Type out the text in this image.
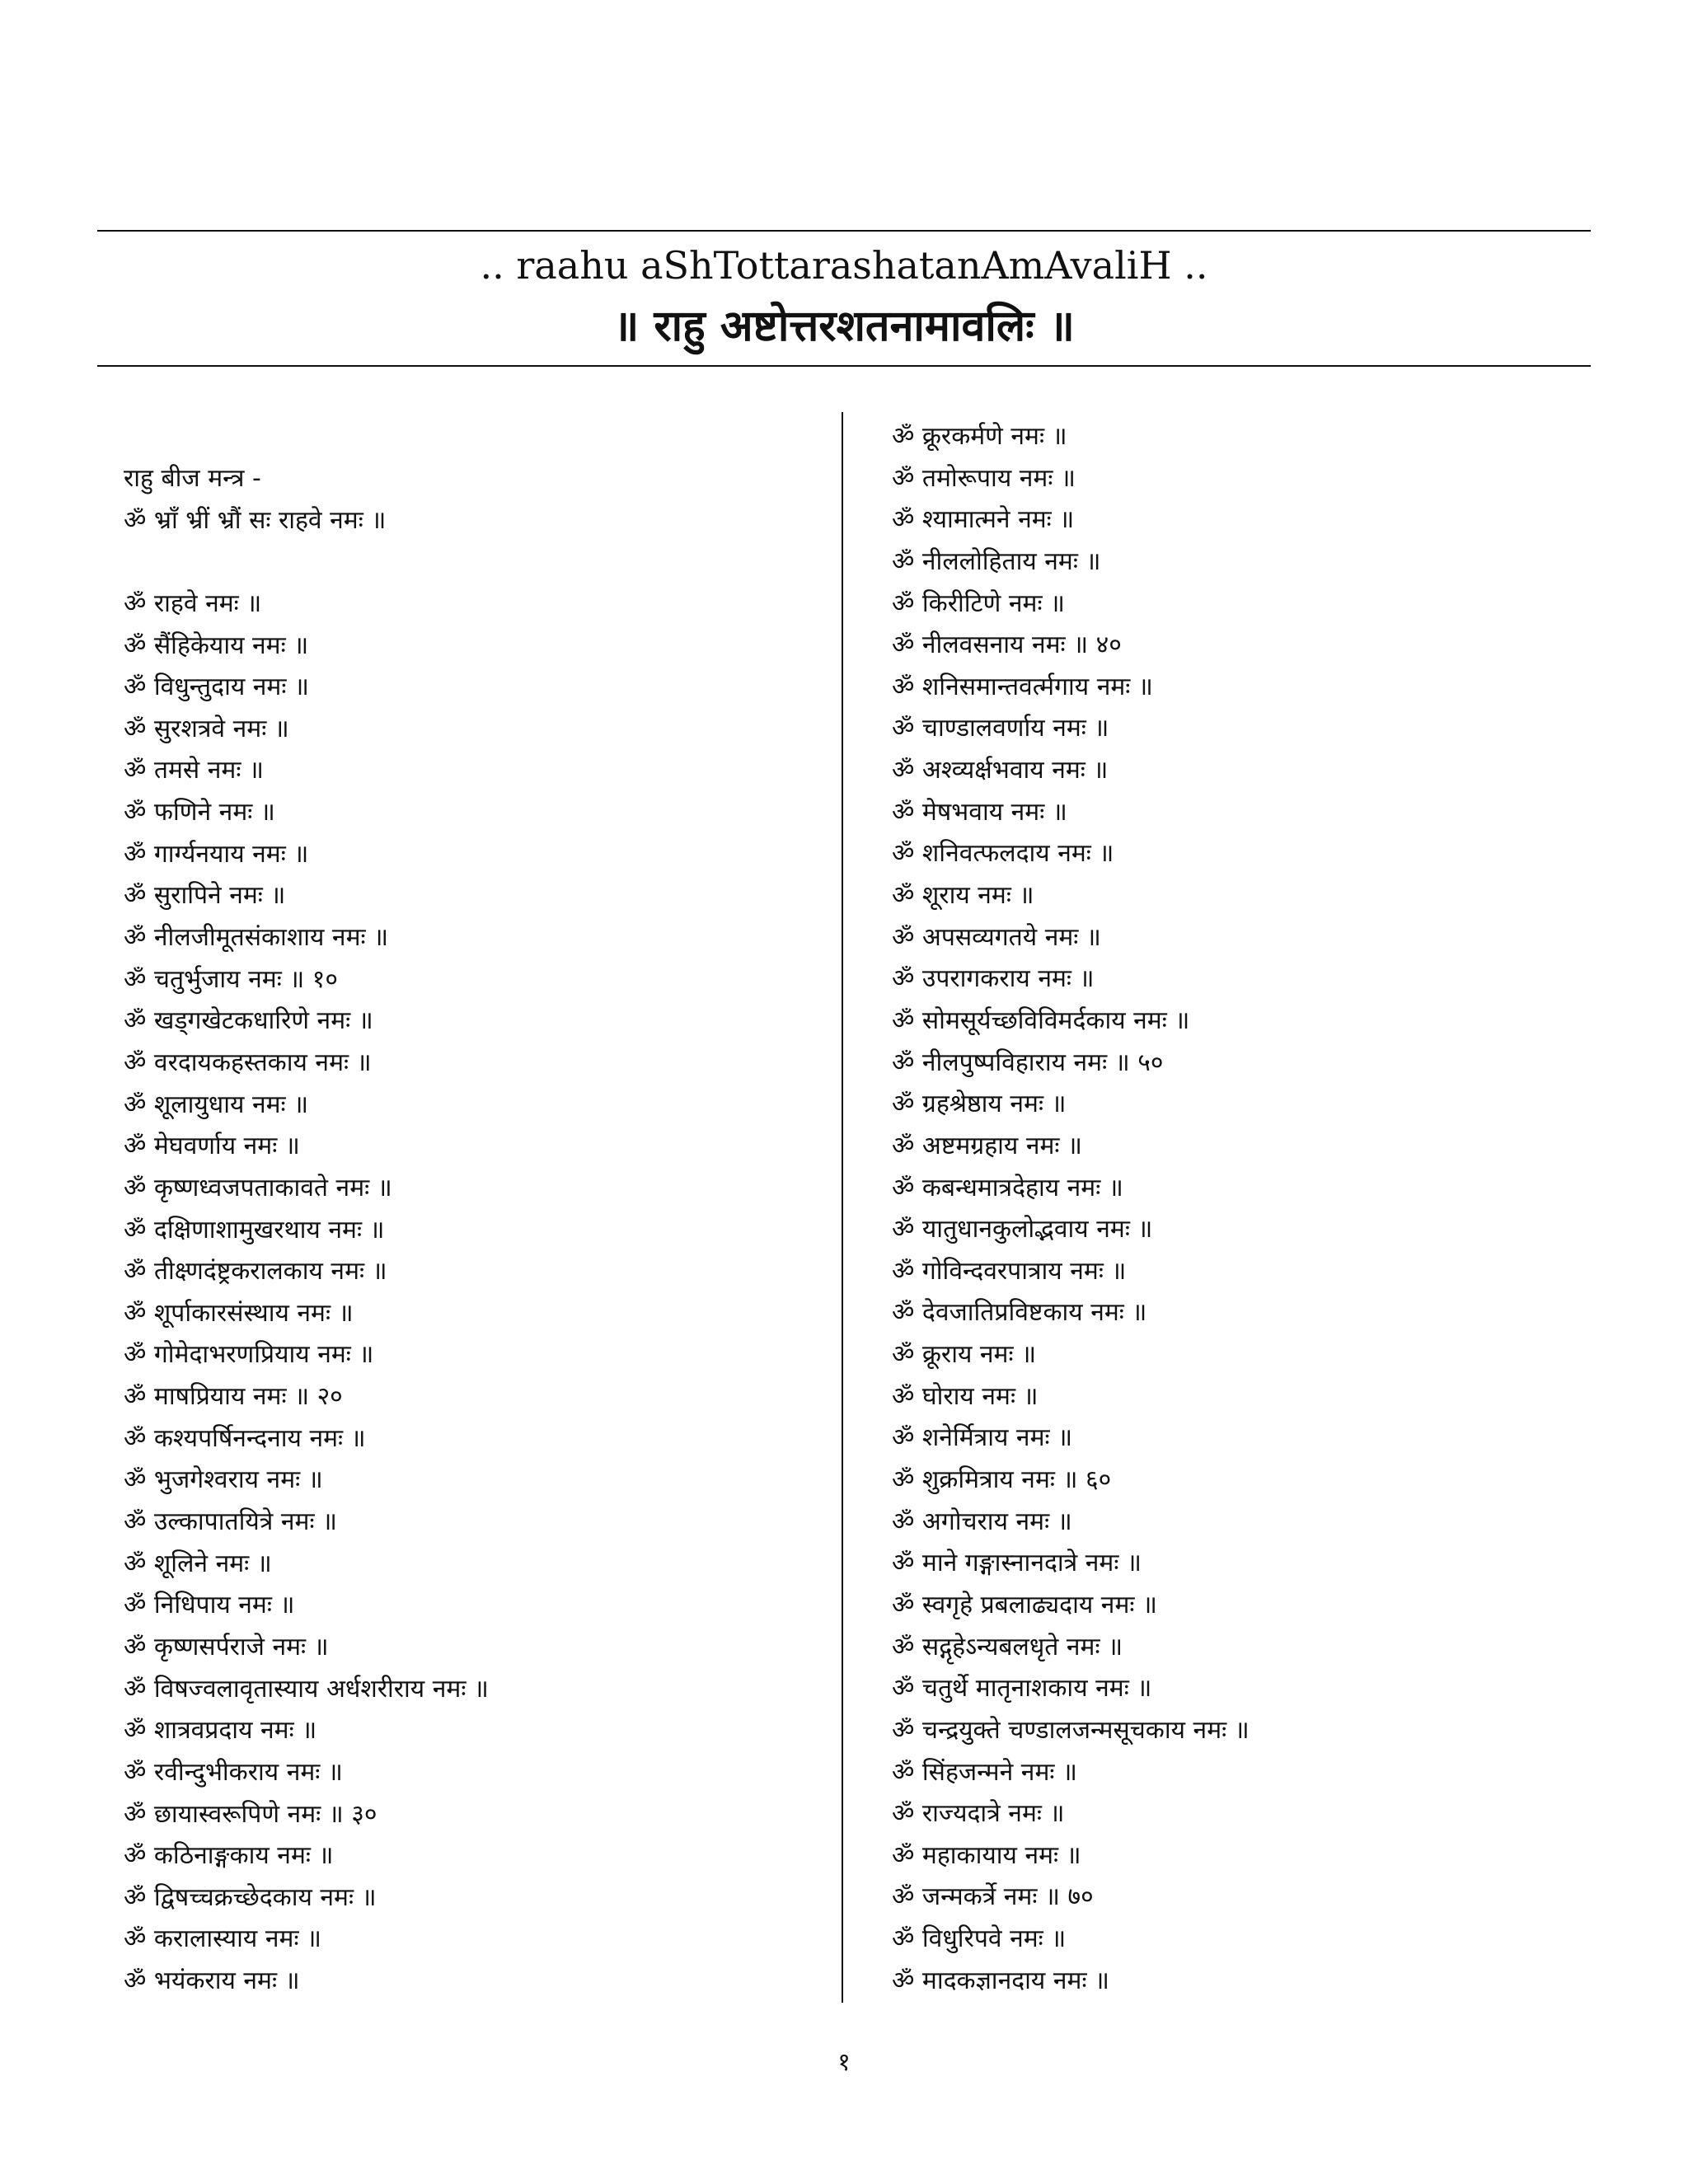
.. raahu aShTottarashatanAmAvaliH ..
॥ राहु अष्टोत्तरशतनामावलिः ॥
राहु बीज मन्त्र -
ॐ भ्राँ भ्रीं भ्रौं सः राहवे नमः ॥
ॐ राहवे नमः ॥
ॐ सैंहिकेयाय नमः ॥
ॐ विधुन्तुदाय नमः ॥
ॐ सुरशत्रवे नमः ॥
ॐ तमसे नमः ॥
ॐ फणिने नमः ॥
ॐ गार्ग्यनयाय नमः ॥
ॐ सुरापिने नमः ॥
ॐ नीलजीमूतसंकाशाय नमः ॥
ॐ चतुर्भुजाय नमः ॥ १०
ॐ खड्गखेटकधारिणे नमः ॥
ॐ वरदायकहस्तकाय नमः ॥
ॐ शूलायुधाय नमः ॥
ॐ मेघवर्णाय नमः ॥
ॐ कृष्णध्वजपताकावते नमः ॥
ॐ दक्षिणाशामुखरथाय नमः ॥
ॐ तीक्ष्णदंष्ट्रकरालकाय नमः ॥
ॐ शूर्पाकारसंस्थाय नमः ॥
ॐ गोमेदाभरणप्रियाय नमः ॥
ॐ माषप्रियाय नमः ॥ २०
ॐ कश्यपर्षिनन्दनाय नमः ॥
ॐ भुजगेश्वराय नमः ॥
ॐ उल्कापातयित्रे नमः ॥
ॐ शूलिने नमः ॥
ॐ निधिपाय नमः ॥
ॐ कृष्णसर्पराजे नमः ॥
ॐ विषज्वलावृतास्याय अर्धशरीराय नमः ॥
ॐ शात्रवप्रदाय नमः ॥
ॐ रवीन्दुभीकराय नमः ॥
ॐ छायास्वरूपिणे नमः ॥ ३०
ॐ कठिनाङ्गकाय नमः ॥
ॐ द्विषच्चक्रच्छेदकाय नमः ॥
ॐ करालास्याय नमः ॥
ॐ भयंकराय नमः ॥
ॐ क्रूरकर्मणे नमः ॥
ॐ तमोरूपाय नमः ॥
ॐ श्यामात्मने नमः ॥
ॐ नीललोहिताय नमः ॥
ॐ किरीटिणे नमः ॥
ॐ नीलवसनाय नमः ॥ ४०
ॐ शनिसमान्तवर्त्मगाय नमः ॥
ॐ चाण्डालवर्णाय नमः ॥
ॐ अश्व्यर्क्षभवाय नमः ॥
ॐ मेषभवाय नमः ॥
ॐ शनिवत्फलदाय नमः ॥
ॐ शूराय नमः ॥
ॐ अपसव्यगतये नमः ॥
ॐ उपरागकराय नमः ॥
ॐ सोमसूर्यच्छविविमर्दकाय नमः ॥
ॐ नीलपुष्पविहाराय नमः ॥ ५०
ॐ ग्रहश्रेष्ठाय नमः ॥
ॐ अष्टमग्रहाय नमः ॥
ॐ कबन्धमात्रदेहाय नमः ॥
ॐ यातुधानकुलोद्भवाय नमः ॥
ॐ गोविन्दवरपात्राय नमः ॥
ॐ देवजातिप्रविष्टकाय नमः ॥
ॐ क्रूराय नमः ॥
ॐ घोराय नमः ॥
ॐ शनेर्मित्राय नमः ॥
ॐ शुक्रमित्राय नमः ॥ ६०
ॐ अगोचराय नमः ॥
ॐ माने गङ्गास्नानदात्रे नमः ॥
ॐ स्वगृहे प्रबलाढ्यदाय नमः ॥
ॐ सद्गृहेऽन्यबलधृते नमः ॥
ॐ चतुर्थे मातृनाशकाय नमः ॥
ॐ चन्द्रयुक्ते चण्डालजन्मसूचकाय नमः ॥
ॐ सिंहजन्मने नमः ॥
ॐ राज्यदात्रे नमः ॥
ॐ महाकायाय नमः ॥
ॐ जन्मकर्त्रे नमः ॥ ७०
ॐ विधुरिपवे नमः ॥
ॐ मादकज्ञानदाय नमः ॥
१
